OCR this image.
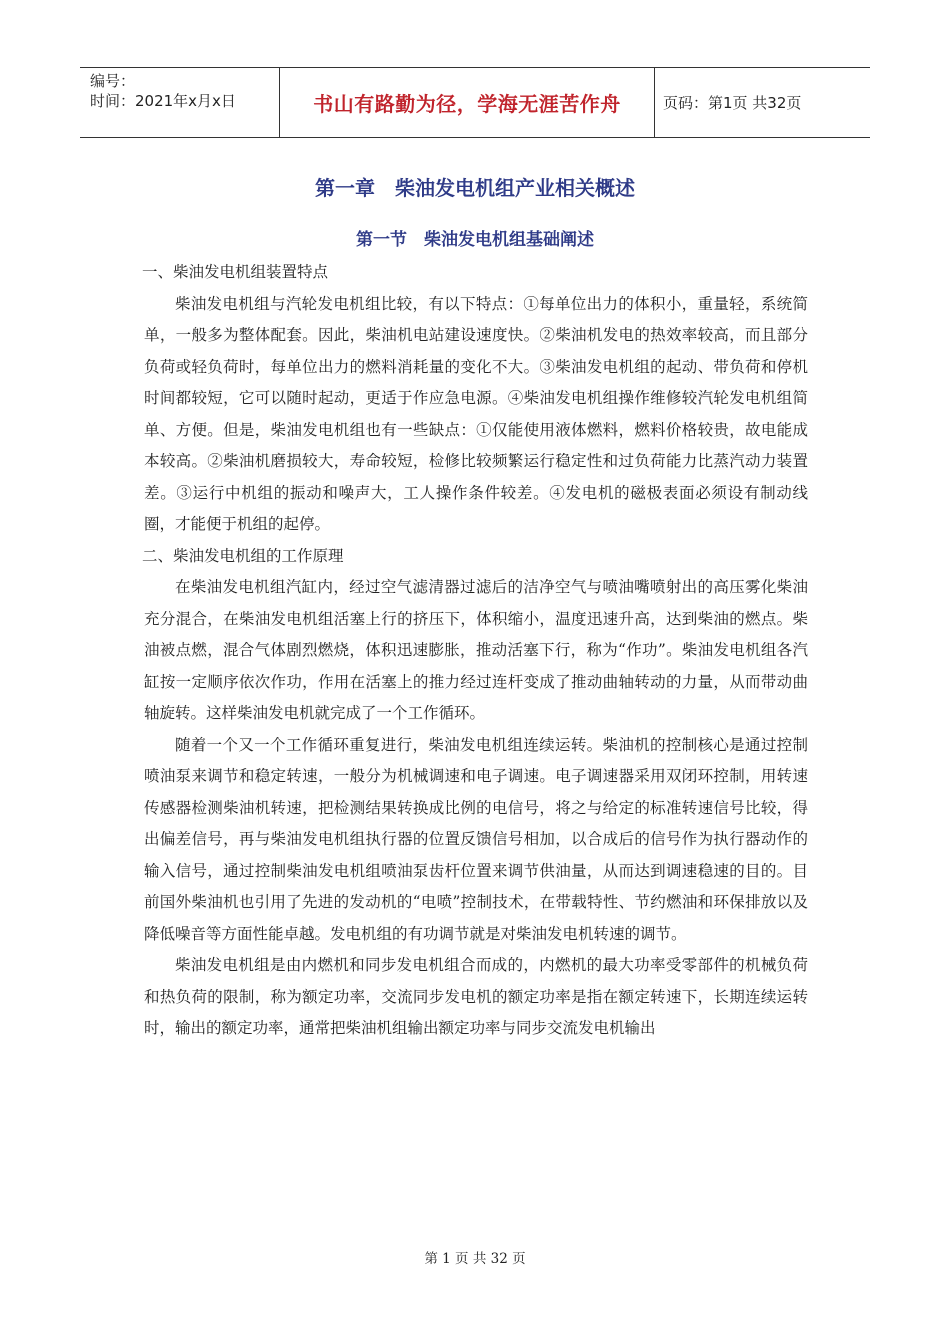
编号：
时间：2021年x月x日	书山有路勤为径，学海无涯苦作舟	页码：第1页 共32页
第一章　柴油发电机组产业相关概述
第一节　柴油发电机组基础阐述

一、柴油发电机组装置特点

柴油发电机组与汽轮发电机组比较，有以下特点：①每单位出力的体积小，重量轻，系统简单，一般多为整体配套。因此，柴油机电站建设速度快。②柴油机发电的热效率较高，而且部分负荷或轻负荷时，每单位出力的燃料消耗量的变化不大。③柴油发电机组的起动、带负荷和停机时间都较短，它可以随时起动，更适于作应急电源。④柴油发电机组操作维修较汽轮发电机组简单、方便。但是，柴油发电机组也有一些缺点：①仅能使用液体燃料，燃料价格较贵，故电能成本较高。②柴油机磨损较大，寿命较短，检修比较频繁运行稳定性和过负荷能力比蒸汽动力装置差。③运行中机组的振动和噪声大，工人操作条件较差。④发电机的磁极表面必须设有制动线圈，才能便于机组的起停。

二、柴油发电机组的工作原理

在柴油发电机组汽缸内，经过空气滤清器过滤后的洁净空气与喷油嘴喷射出的高压雾化柴油充分混合，在柴油发电机组活塞上行的挤压下，体积缩小，温度迅速升高，达到柴油的燃点。柴油被点燃，混合气体剧烈燃烧，体积迅速膨胀，推动活塞下行，称为“作功”。柴油发电机组各汽缸按一定顺序依次作功，作用在活塞上的推力经过连杆变成了推动曲轴转动的力量，从而带动曲轴旋转。这样柴油发电机就完成了一个工作循环。

随着一个又一个工作循环重复进行，柴油发电机组连续运转。柴油机的控制核心是通过控制喷油泵来调节和稳定转速，一般分为机械调速和电子调速。电子调速器采用双闭环控制，用转速传感器检测柴油机转速，把检测结果转换成比例的电信号，将之与给定的标准转速信号比较，得出偏差信号，再与柴油发电机组执行器的位置反馈信号相加，以合成后的信号作为执行器动作的输入信号，通过控制柴油发电机组喷油泵齿杆位置来调节供油量，从而达到调速稳速的目的。目前国外柴油机也引用了先进的发动机的“电喷”控制技术，在带载特性、节约燃油和环保排放以及降低噪音等方面性能卓越。发电机组的有功调节就是对柴油发电机转速的调节。

柴油发电机组是由内燃机和同步发电机组合而成的，内燃机的最大功率受零部件的机械负荷和热负荷的限制，称为额定功率，交流同步发电机的额定功率是指在额定转速下，长期连续运转时，输出的额定功率，通常把柴油机组输出额定功率与同步交流发电机输出

第 1 页 共 32 页
